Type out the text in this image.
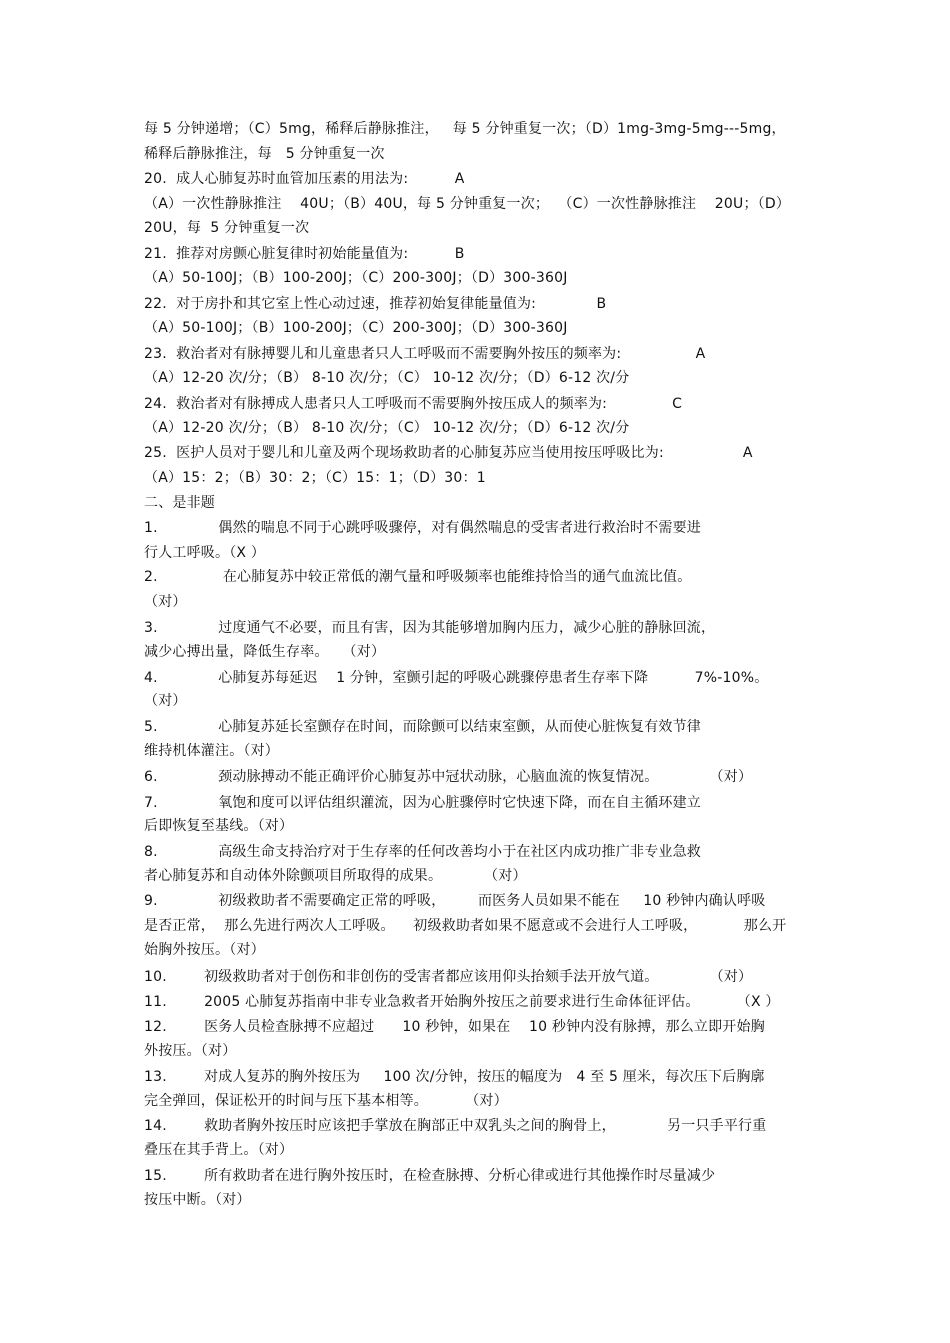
每 5 分钟递增；（C）5mg，稀释后静脉推注，   每 5 分钟重复一次；（D）1mg-3mg-5mg---5mg，
稀释后静脉推注，每   5 分钟重复一次
20.  成人心肺复苏时血管加压素的用法为:          A
（A）一次性静脉推注    40U；（B）40U，每 5 分钟重复一次；  （C）一次性静脉推注    20U；（D）
20U，每  5 分钟重复一次
21.  推荐对房颤心脏复律时初始能量值为:          B
（A）50-100J；（B）100-200J；（C）200-300J；（D）300-360J
22.  对于房扑和其它室上性心动过速，推荐初始复律能量值为:             B
（A）50-100J；（B）100-200J；（C）200-300J；（D）300-360J
23.  救治者对有脉搏婴儿和儿童患者只人工呼吸而不需要胸外按压的频率为:                A
（A）12-20 次/分；（B） 8-10 次/分；（C） 10-12 次/分；（D）6-12 次/分
24.  救治者对有脉搏成人患者只人工呼吸而不需要胸外按压成人的频率为:              C
（A）12-20 次/分；（B） 8-10 次/分；（C） 10-12 次/分；（D）6-12 次/分
25.  医护人员对于婴儿和儿童及两个现场救助者的心肺复苏应当使用按压呼吸比为:                 A
（A）15：2；（B）30：2；（C）15：1；（D）30：1
二、是非题
1.             偶然的喘息不同于心跳呼吸骤停，对有偶然喘息的受害者进行救治时不需要进
行人工呼吸。（X ）
2.              在心肺复苏中较正常低的潮气量和呼吸频率也能维持恰当的通气血流比值。
（对）
3.             过度通气不必要，而且有害，因为其能够增加胸内压力，减少心脏的静脉回流，
减少心搏出量，降低生存率。   （对）
4.             心肺复苏每延迟    1 分钟，室颤引起的呼吸心跳骤停患者生存率下降          7%-10%。
（对）
5.             心肺复苏延长室颤存在时间，而除颤可以结束室颤，从而使心脏恢复有效节律
维持机体灌注。（对）
6.             颈动脉搏动不能正确评价心肺复苏中冠状动脉，心脑血流的恢复情况。           （对）
7.             氧饱和度可以评估组织灌流，因为心脏骤停时它快速下降，而在自主循环建立
后即恢复至基线。（对）
8.             高级生命支持治疗对于生存率的任何改善均小于在社区内成功推广非专业急救
者心肺复苏和自动体外除颤项目所取得的成果。         （对）
9.             初级救助者不需要确定正常的呼吸，       而医务人员如果不能在     10 秒钟内确认呼吸
是否正常，  那么先进行两次人工呼吸。    初级救助者如果不愿意或不会进行人工呼吸，          那么开
始胸外按压。（对）
10.        初级救助者对于创伤和非创伤的受害者都应该用仰头抬颏手法开放气道。           （对）
11.        2005 心肺复苏指南中非专业急救者开始胸外按压之前要求进行生命体征评估。        （X ）
12.        医务人员检查脉搏不应超过      10 秒钟，如果在    10 秒钟内没有脉搏，那么立即开始胸
外按压。（对）
13.        对成人复苏的胸外按压为     100 次/分钟，按压的幅度为   4 至 5 厘米，每次压下后胸廓
完全弹回，保证松开的时间与压下基本相等。        （对）
14.        救助者胸外按压时应该把手掌放在胸部正中双乳头之间的胸骨上，           另一只手平行重
叠压在其手背上。（对）
15.        所有救助者在进行胸外按压时，在检查脉搏、分析心律或进行其他操作时尽量减少
按压中断。（对）
